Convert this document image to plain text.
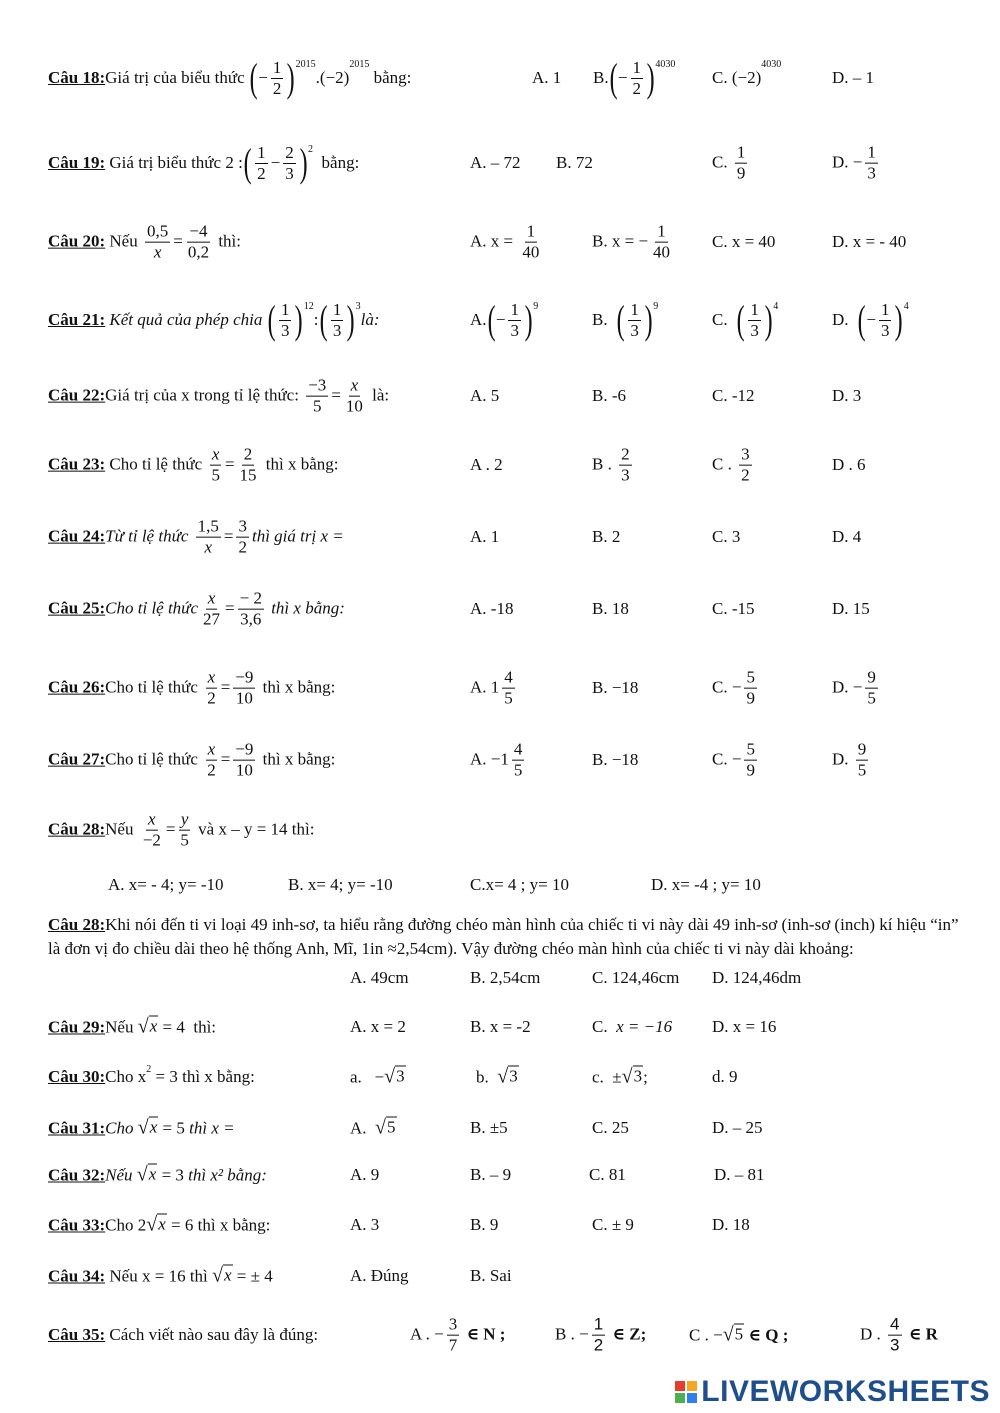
Câu 18: Giá trị của biểu thức
( − $\frac{1}{2} )^{2015}$
.(−2)
$^{2015}$

bằng:	A. 1 B. ( − $\frac{1}{2} )^{4030}$
C. (−2)
$^{4030}$
D. – 1
Câu 19:
Giá trị biểu thức 2 : ( $\frac{1}{2} - \frac{2}{3} )^2$

bằng:	A. – 72 B. 72	C.
$\frac{1}{9}$	D. − $\frac{1}{3}$
Câu 20:
Nếu
$\frac{0,5}{x} = \frac{-4}{0,2}$
thì:	A. x =
$\frac{1}{40}$	B. x = − $\frac{1}{40} C$. x = 40	D. x = - 40
Câu 21:
Kết quả của phép chia
( $\frac{1}{3} )^{12}$
: ( $\frac{1}{3} )^3$
là:	A. ( − $\frac{1}{3} )^9$
B.
( $\frac{1}{3} )^9$
C.
( $\frac{1}{3} )^4$
D.
( − $\frac{1}{3} )^4$
Câu 22: Giá trị của x trong tỉ lệ thức:
$\frac{-3}{5} = \frac{x}{10}$
là:	A. 5	B. -6	C. -12	D. 3
Câu 23:
Cho tỉ lệ thức
$\frac{x}{5} = \frac{2}{15}$
thì x bằng:	A . 2	B .
$\frac{2}{3}$	C .
$\frac{3}{2}$	D . 6
Câu 24: Từ tỉ lệ thức
$\frac{1,5}{x} = \frac{3}{2}$ thì giá trị x =	A. 1	B. 2	C. 3	D. 4
Câu 25: Cho tỉ lệ thức $\frac{x}{27} = \frac{- 2}{3,6}$
thì x bằng:	A. -18	B. 18	C. -15	D. 15
Câu 26: Cho tỉ lệ thức
$\frac{x}{2} = \frac{-9}{10}$
thì x bằng:	A. $1 \frac{4}{5}$	B. −18	C. − $\frac{5}{9}$	D. − $\frac{9}{5}$
Câu 27: Cho tỉ lệ thức
$\frac{x}{2} = \frac{-9}{10}$
thì x bằng:	A. $-1 \frac{4}{5}$	B. −18	C. − $\frac{5}{9}$	D.
$\frac{9}{5}$
Câu 28: Nếu
$\frac{x}{-2} = \frac{y}{5}$
và x – y = 14 thì:
A. x= - 4; y= -10	B. x= 4; y= -10	C.x= 4 ; y= 10	D. x= -4 ; y= 10
Câu 28:Khi nói đến ti vi loại 49 inh-sơ, ta hiểu rằng đường chéo màn hình của chiếc ti vi này dài 49 inh-sơ (inh-sơ (inch) kí hiệu “in” là đơn vị đo chiều dài theo hệ thống Anh, Mĩ, 1in ≈2,54cm). Vậy đường chéo màn hình của chiếc ti vi này dài khoảng:
A. 49cm	B. 2,54cm	C. 124,46cm D. 124,46dm
Câu 29: Nếu
√ x = 4 thì:	A. x = 2	B. x = -2	C.
x = −16 D. x = 16
Câu 30: Cho $x^2 = 3$ thì x bằng:	a. − √ 3	b.
√ 3	c. ± √ 3 ;	d. 9
Câu 31: Cho
√ x = 5 thì x =	A.
√ 5	B. ±5	C. 25	D. – 25
Câu 32: Nếu
√ x = 3 thì x² bằng:	A. 9	B. – 9	C. 81	D. – 81
Câu 33: Cho 2 √ x
= 6 thì x bằng:	A. 3	B. 9	C. ± 9	D. 18
Câu 34:
Nếu x = 16 thì
√ x
= ± 4	A. Đúng	B. Sai
Câu 35:
Cách viết nào sau đây là đúng:	A . − $\frac{3}{7}$
∈ N ;	B . − $\frac{1}{2}$
∈ Z;	C . − √ 5
∈ Q ;	D .
$\frac{4}{3}$
∈ R
LIVEWORKSHEETS
